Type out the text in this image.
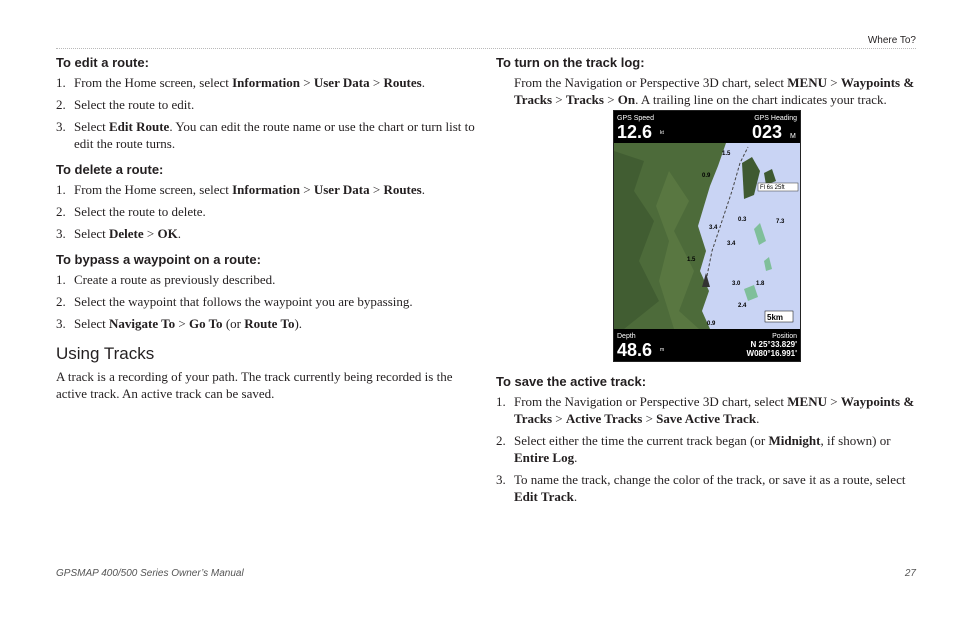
Where To?
To edit a route:
1. From the Home screen, select Information > User Data > Routes.
2. Select the route to edit.
3. Select Edit Route. You can edit the route name or use the chart or turn list to edit the route turns.
To delete a route:
1. From the Home screen, select Information > User Data > Routes.
2. Select the route to delete.
3. Select Delete > OK.
To bypass a waypoint on a route:
1. Create a route as previously described.
2. Select the waypoint that follows the waypoint you are bypassing.
3. Select Navigate To > Go To (or Route To).
Using Tracks

A track is a recording of your path. The track currently being recorded is the active track. An active track can be saved.

To turn on the track log:

From the Navigation or Perspective 3D chart, select MENU > Waypoints & Tracks > Tracks > On. A trailing line on the chart indicates your track.

GPS Speed
12.6 kt
GPS Heading
023 M
Fl 6s 25ft
0.9
1.5
0.3	7.3
3.4
3.4
1.5
3.0	1.8
2.4
0.9
5km
Depth
48.6 m
Position
N 25°33.829'
W080°16.991'
To save the active track:
1. From the Navigation or Perspective 3D chart, select MENU > Waypoints & Tracks > Active Tracks > Save Active Track.
2. Select either the time the current track began (or Midnight, if shown) or Entire Log.
3. To name the track, change the color of the track, or save it as a route, select Edit Track.
GPSMAP 400/500 Series Owner’s Manual	27
